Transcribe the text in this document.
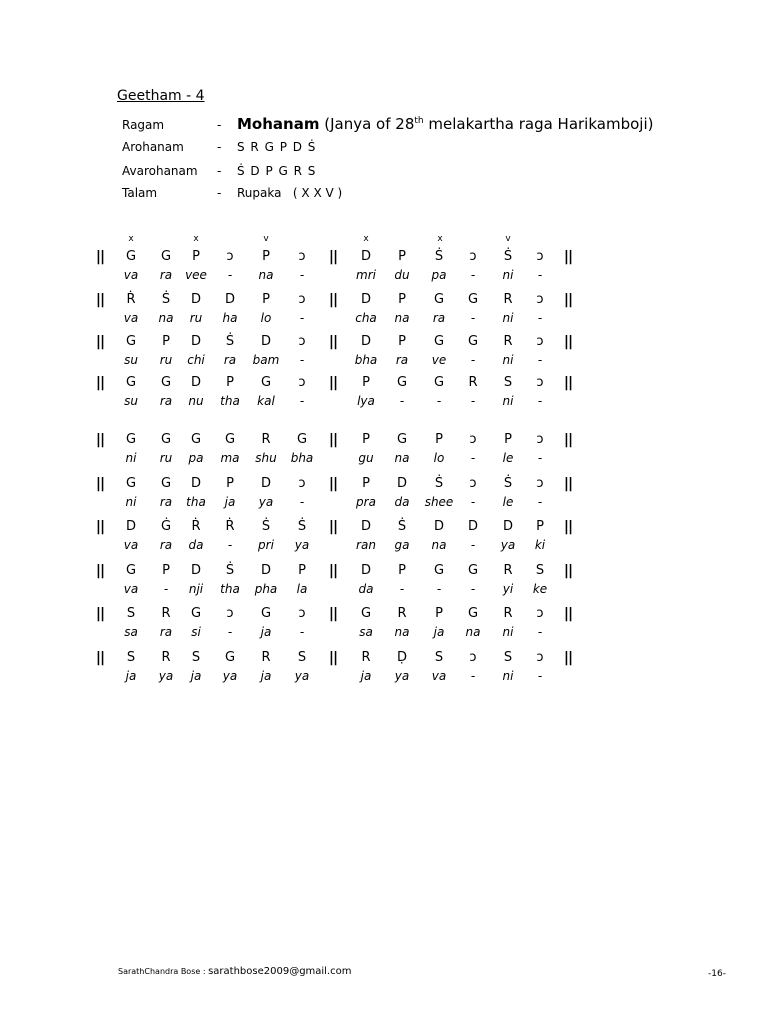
Geetham - 4
Ragam	- Mohanam (Janya of 28th melakartha raga Harikamboji)
Arohanam	- S R G P D Ṡ
Avarohanam - Ṡ D P G R S
Talam	- Rupaka   ( X X V )
x	x	v	x	x	v
||	||	||
G	G	P	ↄ	P	ↄ	D	P	Ṡ	ↄ	Ṡ	ↄ
va	ra	vee	-	na	-	mri	du	pa	-	ni	-
||	||	||
Ṙ	Ṡ	D	D	P	ↄ	D	P	G	G	R	ↄ
va	na	ru	ha	lo	-	cha	na	ra	-	ni	-
||	||	||
G	P	D	Ṡ	D	ↄ	D	P	G	G	R	ↄ
su	ru	chi	ra	bam	-	bha	ra	ve	-	ni	-
||	||	||
G	G	D	P	G	ↄ	P	G	G	R	S	ↄ
su	ra	nu	tha	kal	-	lya	-	-	-	ni	-
||	||	||
G	G	G	G	R	G	P	G	P	ↄ	P	ↄ
ni	ru	pa	ma	shu	bha	gu	na	lo	-	le	-
||	||	||
G	G	D	P	D	ↄ	P	D	Ṡ	ↄ	Ṡ	ↄ
ni	ra	tha	ja	ya	-	pra	da	shee	-	le	-
||	||	||
D	Ġ	Ṙ	Ṙ	Ṡ	Ṡ	D	Ṡ	D	D	D	P
va	ra	da	-	pri	ya	ran	ga	na	-	ya	ki
||	||	||
G	P	D	Ṡ	D	P	D	P	G	G	R	S
va	-	nji	tha	pha	la	da	-	-	-	yi	ke
||	||	||
S	R	G	ↄ	G	ↄ	G	R	P	G	R	ↄ
sa	ra	si	-	ja	-	sa	na	ja	na	ni	-
||	||	||
S	R	S	G	R	S	R	Ḍ	S	ↄ	S	ↄ
ja	ya	ja	ya	ja	ya	ja	ya	va	-	ni	-
SarathChandra Bose : sarathbose2009@gmail.com	-16-
